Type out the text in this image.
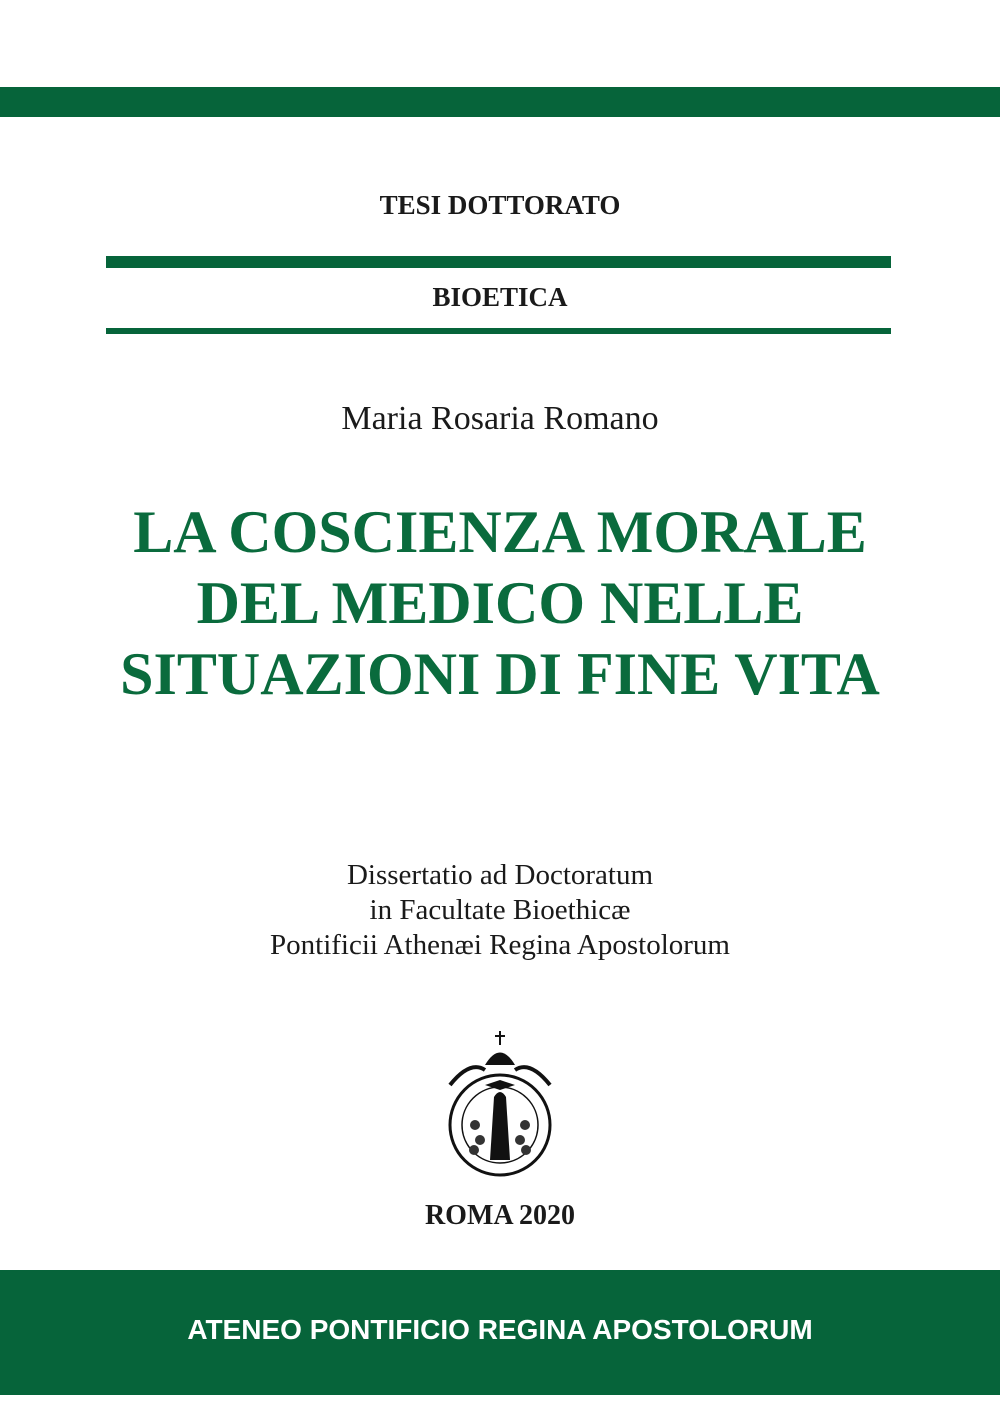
TESI DOTTORATO
BIOETICA
Maria Rosaria Romano
LA COSCIENZA MORALE
DEL MEDICO NELLE
SITUAZIONI DI FINE VITA
Dissertatio ad Doctoratum
in Facultate Bioethicæ
Pontificii Athenæi Regina Apostolorum
ROMA 2020
ATENEO PONTIFICIO REGINA APOSTOLORUM
